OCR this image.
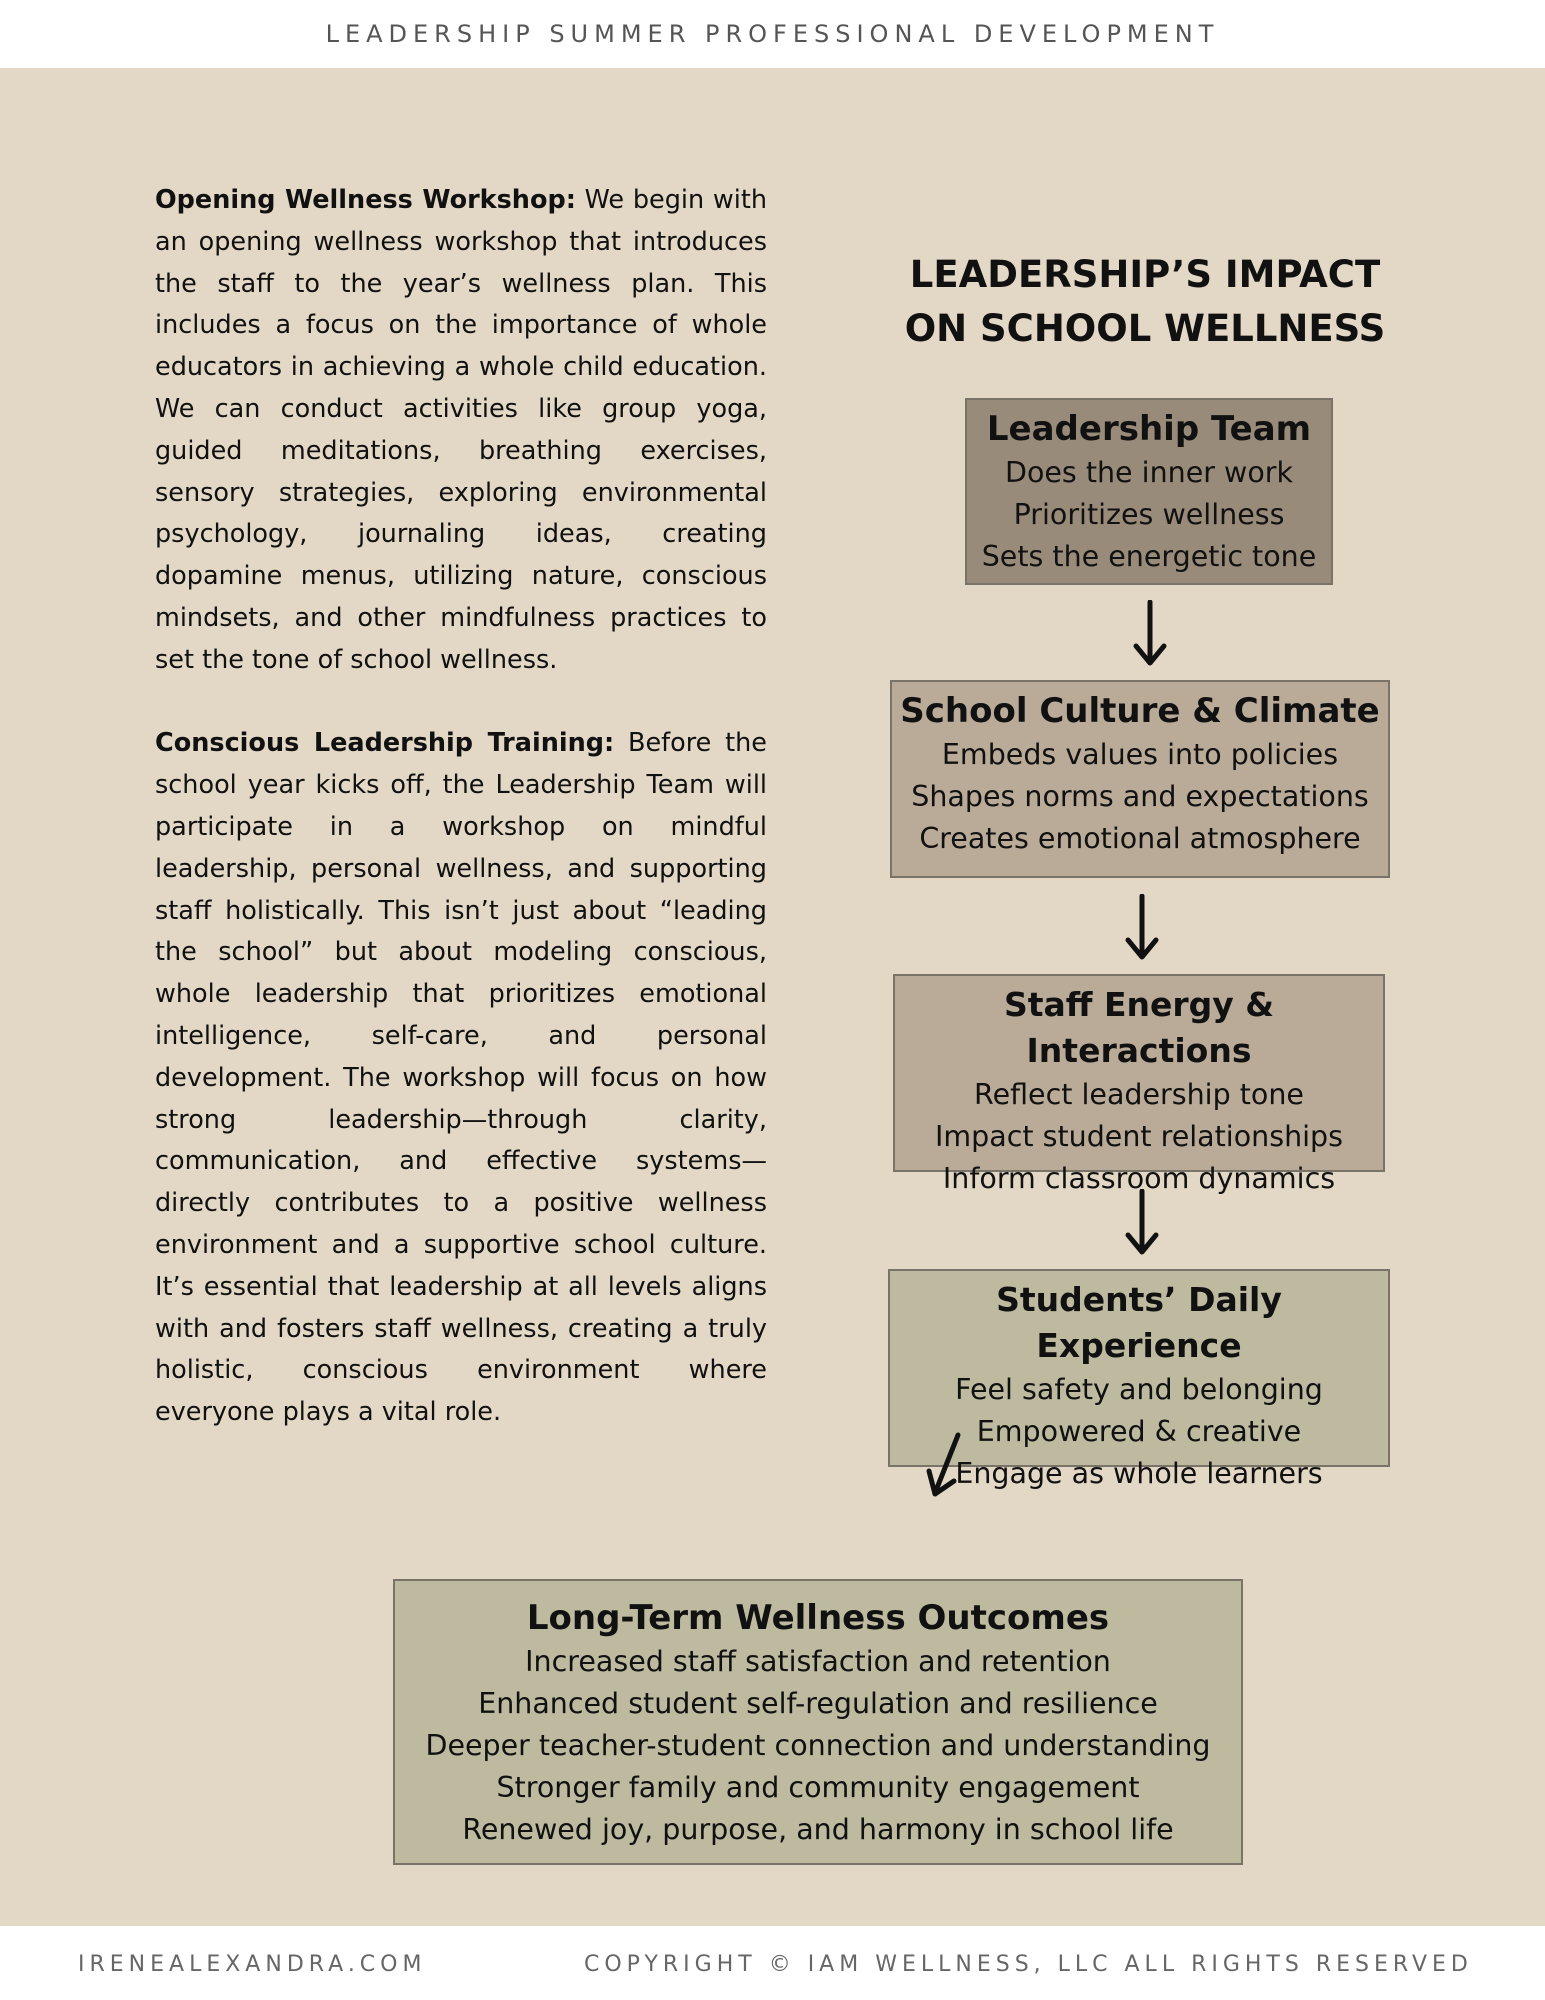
LEADERSHIP SUMMER PROFESSIONAL DEVELOPMENT

Opening Wellness Workshop: We begin with an opening wellness workshop that introduces the staff to the year’s wellness plan. This includes a focus on the importance of whole educators in achieving a whole child education. We can conduct activities like group yoga, guided meditations, breathing exercises, sensory strategies, exploring environmental psychology, journaling ideas, creating dopamine menus, utilizing nature, conscious mindsets, and other mindfulness practices to set the tone of school wellness.

Conscious Leadership Training: Before the school year kicks off, the Leadership Team will participate in a workshop on mindful leadership, personal wellness, and supporting staff holistically. This isn’t just about “leading the school” but about modeling conscious, whole leadership that prioritizes emotional intelligence, self-care, and personal development. The workshop will focus on how strong leadership—through clarity, communication, and effective systems—directly contributes to a positive wellness environment and a supportive school culture. It’s essential that leadership at all levels aligns with and fosters staff wellness, creating a truly holistic, conscious environment where everyone plays a vital role.

LEADERSHIP’S IMPACT
ON SCHOOL WELLNESS
Leadership Team
Does the inner work
Prioritizes wellness
Sets the energetic tone
School Culture & Climate
Embeds values into policies
Shapes norms and expectations
Creates emotional atmosphere
Staff Energy & Interactions
Reflect leadership tone
Impact student relationships
Inform classroom dynamics
Students’ Daily Experience
Feel safety and belonging
Empowered & creative
Engage as whole learners
Long-Term Wellness Outcomes
Increased staff satisfaction and retention
Enhanced student self-regulation and resilience
Deeper teacher-student connection and understanding
Stronger family and community engagement
Renewed joy, purpose, and harmony in school life
IRENEALEXANDRA.COM	COPYRIGHT © IAM WELLNESS, LLC ALL RIGHTS RESERVED
